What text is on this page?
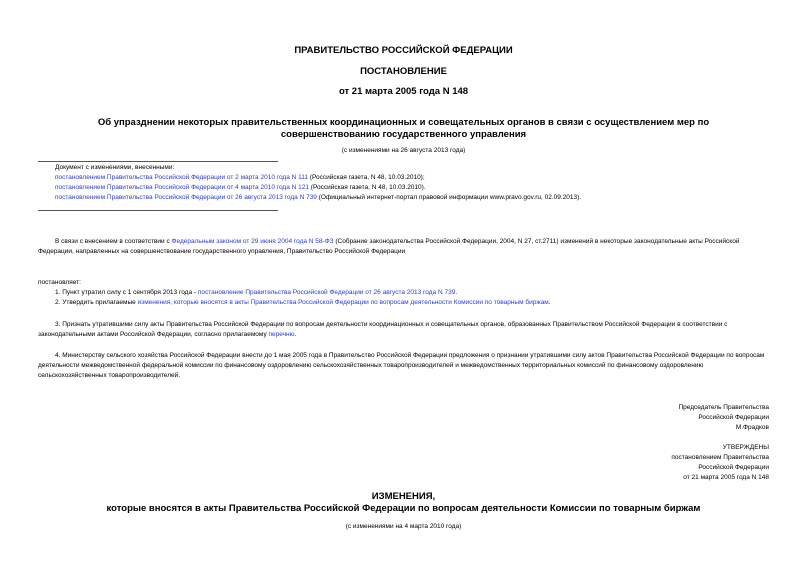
ПРАВИТЕЛЬСТВО РОССИЙСКОЙ ФЕДЕРАЦИИ
ПОСТАНОВЛЕНИЕ
от 21 марта 2005 года N 148
Об упразднении некоторых правительственных координационных и совещательных органов в связи с осуществлением мер по совершенствованию государственного управления
(с изменениями на 26 августа 2013 года)

Документ с изменениями, внесенными:

постановлением Правительства Российской Федерации от 2 марта 2010 года N 111 (Российская газета, N 48, 10.03.2010);

постановлением Правительства Российской Федерации от 4 марта 2010 года N 121 (Российская газета, N 48, 10.03.2010).

постановлением Правительства Российской Федерации от 26 августа 2013 года N 739 (Официальный интернет-портал правовой информации www.pravo.gov.ru, 02.09.2013).

В связи с внесением в соответствии с Федеральным законом от 29 июня 2004 года N 58-ФЗ (Собрание законодательства Российской Федерации, 2004, N 27, ст.2711) изменений в некоторые законодательные акты Российской Федерации, направленных на совершенствование государственного управления, Правительство Российской Федерации
постановляет:

1. Пункт утратил силу с 1 сентября 2013 года - постановление Правительства Российской Федерации от 26 августа 2013 года N 739.

2. Утвердить прилагаемые изменения, которые вносятся в акты Правительства Российской Федерации по вопросам деятельности Комиссии по товарным биржам.

3. Признать утратившими силу акты Правительства Российской Федерации по вопросам деятельности координационных и совещательных органов, образованных Правительством Российской Федерации в соответствии с законодательными актами Российской Федерации, согласно прилагаемому перечню.
4. Министерству сельского хозяйства Российской Федерации внести до 1 мая 2005 года в Правительство Российской Федерации предложения о признании утратившими силу актов Правительства Российской Федерации по вопросам деятельности межведомственной федеральной комиссии по финансовому оздоровлению сельскохозяйственных товаропроизводителей и межведомственных территориальных комиссий по финансовому оздоровлению сельскохозяйственных товаропроизводителей.

Председатель Правительства

Российской Федерации

М.Фрадков

УТВЕРЖДЕНЫ

постановлением Правительства

Российской Федерации

от 21 марта 2005 года N 148

ИЗМЕНЕНИЯ,
которые вносятся в акты Правительства Российской Федерации по вопросам деятельности Комиссии по товарным биржам
(с изменениями на 4 марта 2010 года)
